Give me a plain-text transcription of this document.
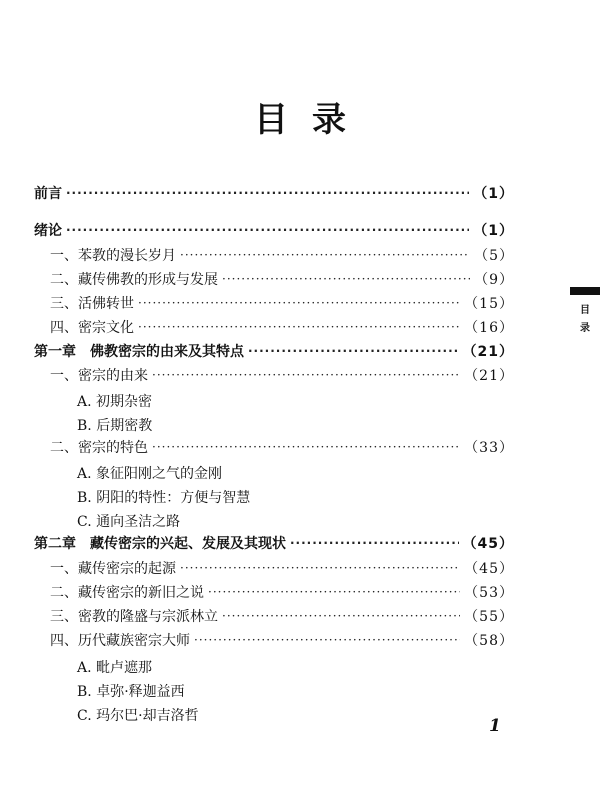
目 录
前言 ·····	（1）
绪论 ·····	（1）
一、苯教的漫长岁月 ·····	（5）
二、藏传佛教的形成与发展 ·····	（9）
三、活佛转世 ·····	（15）
四、密宗文化 ·····	（16）
第一章　佛教密宗的由来及其特点 ·····	（21）
一、密宗的由来 ·····	（21）
A. 初期杂密
B. 后期密教
二、密宗的特色 ·····	（33）
A. 象征阳刚之气的金刚
B. 阴阳的特性：方便与智慧
C. 通向圣洁之路
第二章　藏传密宗的兴起、发展及其现状 ·····	（45）
一、藏传密宗的起源 ·····	（45）
二、藏传密宗的新旧之说 ·····	（53）
三、密教的隆盛与宗派林立 ·····	（55）
四、历代藏族密宗大师 ·····	（58）
A. 毗卢遮那
B. 卓弥·释迦益西
C. 玛尔巴·却吉洛哲
目录
1
